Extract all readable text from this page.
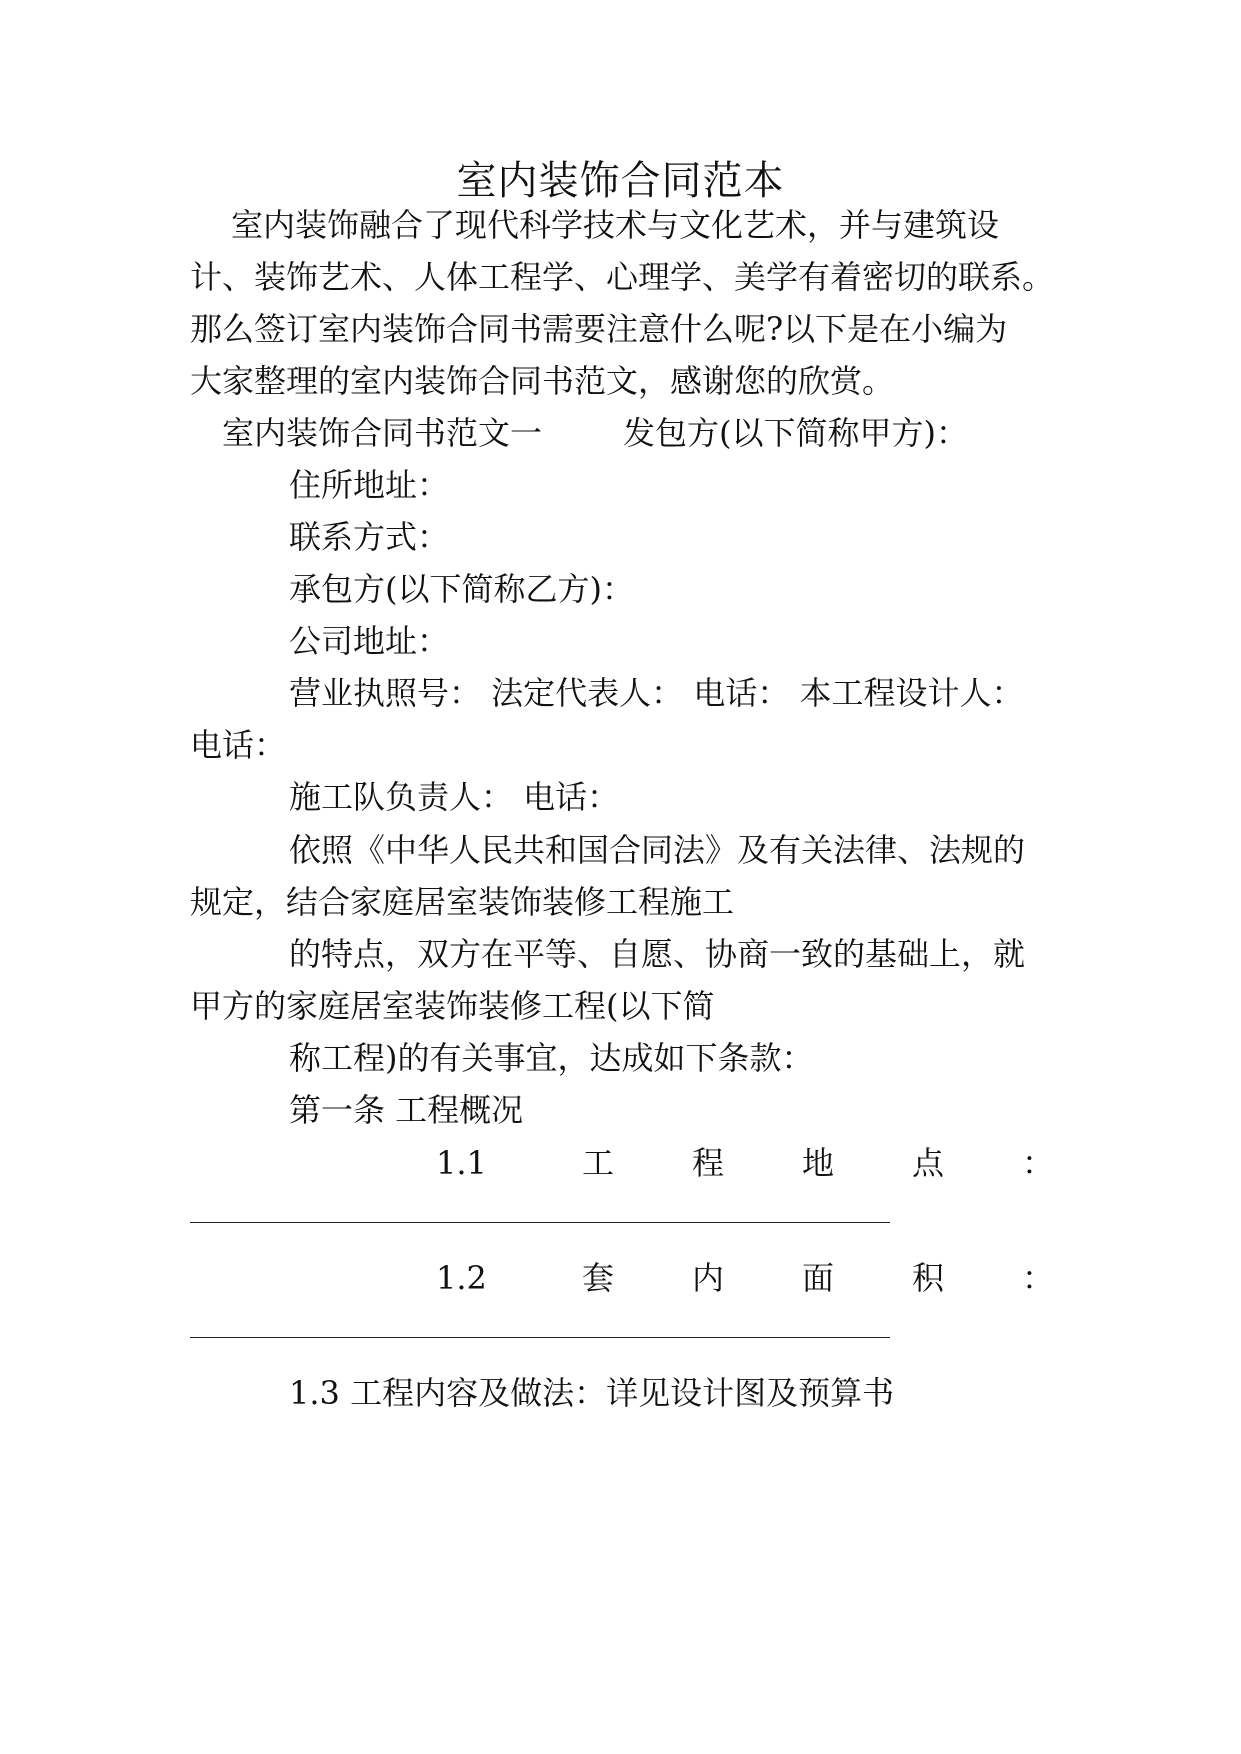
室内装饰合同范本
室内装饰融合了现代科学技术与文化艺术，并与建筑设
计、装饰艺术、人体工程学、心理学、美学有着密切的联系。
那么签订室内装饰合同书需要注意什么呢?以下是在小编为
大家整理的室内装饰合同书范文，感谢您的欣赏。
室内装饰合同书范文一	发包方(以下简称甲方)：
住所地址：
联系方式：
承包方(以下简称乙方)：
公司地址：
营业执照号： 法定代表人： 电话： 本工程设计人：
电话：
施工队负责人： 电话：
依照《中华人民共和国合同法》及有关法律、法规的
规定，结合家庭居室装饰装修工程施工
的特点，双方在平等、自愿、协商一致的基础上，就
甲方的家庭居室装饰装修工程(以下简
称工程)的有关事宜，达成如下条款：
第一条 工程概况
1.1	工 程 地 点 ：
1.2	套 内 面 积 ：
1.3 工程内容及做法：详见设计图及预算书
